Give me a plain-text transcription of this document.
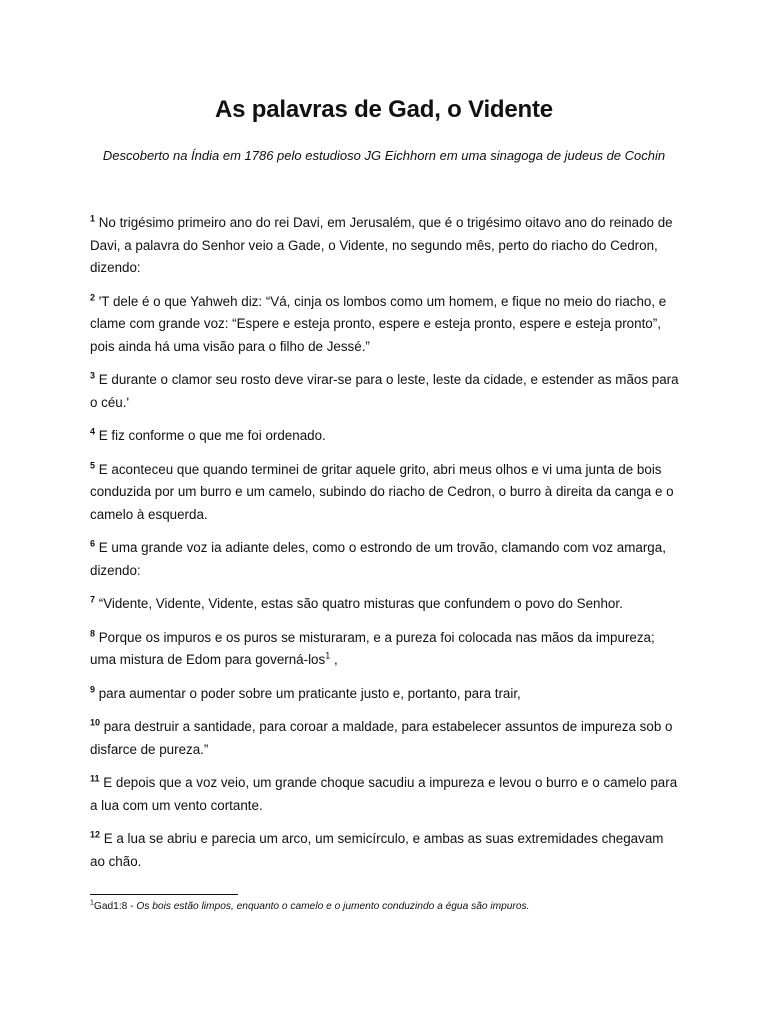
As palavras de Gad, o Vidente
Descoberto na Índia em 1786 pelo estudioso JG Eichhorn em uma sinagoga de judeus de Cochin

$^1$ No trigésimo primeiro ano do rei Davi, em Jerusalém, que é o trigésimo oitavo ano do reinado de Davi, a palavra do Senhor veio a Gade, o Vidente, no segundo mês, perto do riacho do Cedron, dizendo:

$^2$ 'T dele é o que Yahweh diz: “Vá, cinja os lombos como um homem, e fique no meio do riacho, e clame com grande voz: “Espere e esteja pronto, espere e esteja pronto, espere e esteja pronto”, pois ainda há uma visão para o filho de Jessé.”

$^3$ E durante o clamor seu rosto deve virar-se para o leste, leste da cidade, e estender as mãos para o céu.'

$^4$ E fiz conforme o que me foi ordenado.

$^5$ E aconteceu que quando terminei de gritar aquele grito, abri meus olhos e vi uma junta de bois conduzida por um burro e um camelo, subindo do riacho de Cedron, o burro à direita da canga e o camelo à esquerda.

$^6$ E uma grande voz ia adiante deles, como o estrondo de um trovão, clamando com voz amarga, dizendo:

$^7$ “Vidente, Vidente, Vidente, estas são quatro misturas que confundem o povo do Senhor.

$^8$ Porque os impuros e os puros se misturaram, e a pureza foi colocada nas mãos da impureza; uma mistura de Edom para governá-los$^1$ ,

$^9$ para aumentar o poder sobre um praticante justo e, portanto, para trair,

$^{10}$ para destruir a santidade, para coroar a maldade, para estabelecer assuntos de impureza sob o disfarce de pureza.”

$^{11}$ E depois que a voz veio, um grande choque sacudiu a impureza e levou o burro e o camelo para a lua com um vento cortante.

$^{12}$ E a lua se abriu e parecia um arco, um semicírculo, e ambas as suas extremidades chegavam ao chão.

$^1$Gad1:8 - Os bois estão limpos, enquanto o camelo e o jumento conduzindo a égua são impuros.
